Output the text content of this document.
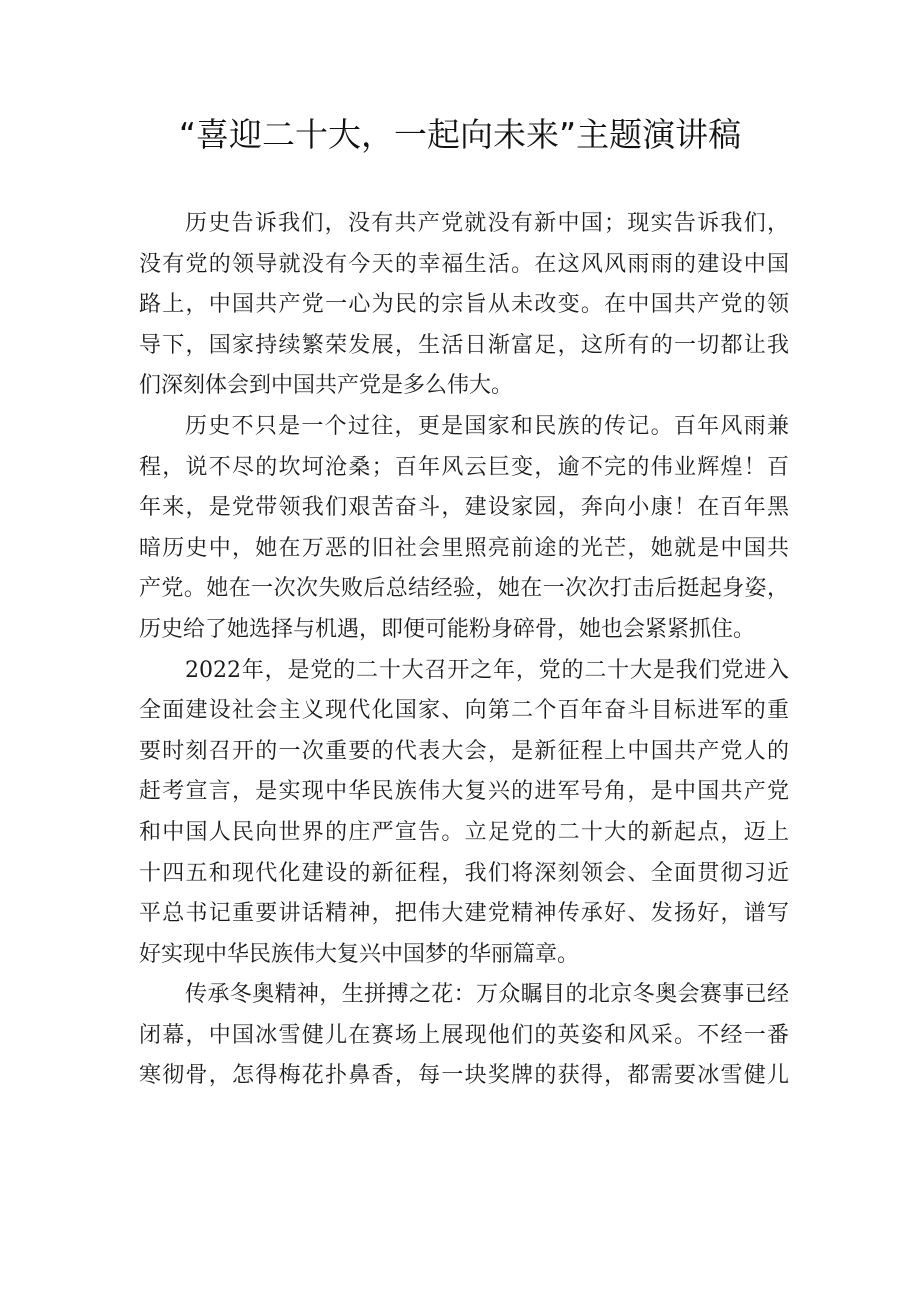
“喜迎二十大，一起向未来”主题演讲稿
历史告诉我们，没有共产党就没有新中国；现实告诉我们，
没有党的领导就没有今天的幸福生活。在这风风雨雨的建设中国
路上，中国共产党一心为民的宗旨从未改变。在中国共产党的领
导下，国家持续繁荣发展，生活日渐富足，这所有的一切都让我
们深刻体会到中国共产党是多么伟大。
历史不只是一个过往，更是国家和民族的传记。百年风雨兼
程，说不尽的坎坷沧桑；百年风云巨变，逾不完的伟业辉煌！百
年来，是党带领我们艰苦奋斗，建设家园，奔向小康！在百年黑
暗历史中，她在万恶的旧社会里照亮前途的光芒，她就是中国共
产党。她在一次次失败后总结经验，她在一次次打击后挺起身姿，
历史给了她选择与机遇，即便可能粉身碎骨，她也会紧紧抓住。
2022年，是党的二十大召开之年，党的二十大是我们党进入
全面建设社会主义现代化国家、向第二个百年奋斗目标进军的重
要时刻召开的一次重要的代表大会，是新征程上中国共产党人的
赶考宣言，是实现中华民族伟大复兴的进军号角，是中国共产党
和中国人民向世界的庄严宣告。立足党的二十大的新起点，迈上
十四五和现代化建设的新征程，我们将深刻领会、全面贯彻习近
平总书记重要讲话精神，把伟大建党精神传承好、发扬好，谱写
好实现中华民族伟大复兴中国梦的华丽篇章。
传承冬奥精神，生拼搏之花：万众瞩目的北京冬奥会赛事已经
闭幕，中国冰雪健儿在赛场上展现他们的英姿和风采。不经一番
寒彻骨，怎得梅花扑鼻香，每一块奖牌的获得，都需要冰雪健儿
